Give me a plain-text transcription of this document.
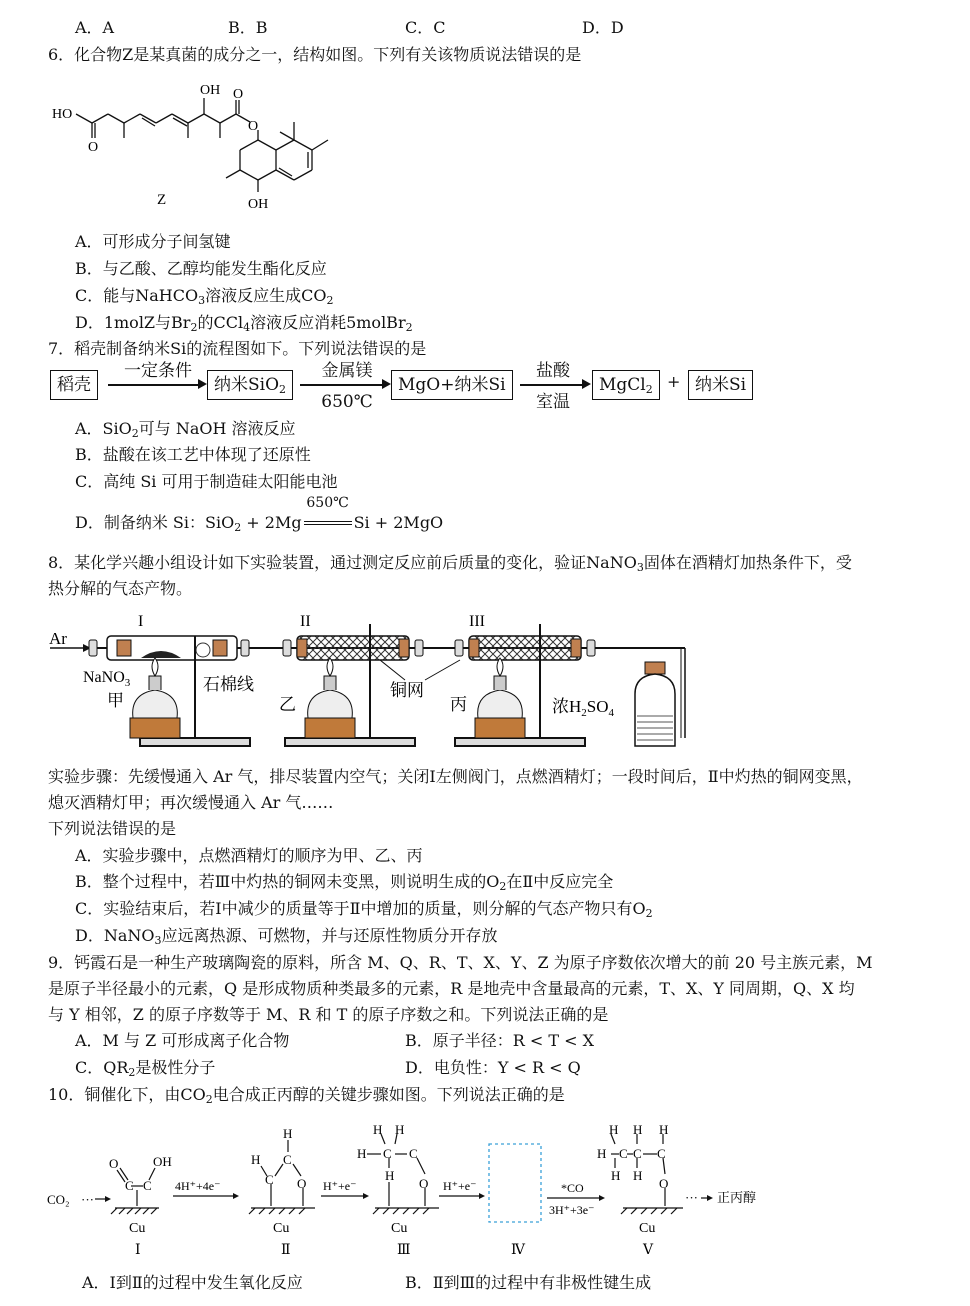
A．A	B．B	C．C	D．D
6．化合物Z是某真菌的成分之一，结构如图。下列有关该物质说法错误的是
HO
O
OH O
O
OH
Z
A．可形成分子间氢键
B．与乙酸、乙醇均能发生酯化反应
C．能与NaHCO$_3$溶液反应生成$CO_2$
D．1molZ与$Br_2$的CCl$_4$溶液反应消耗5molBr$_2$
7．稻壳制备纳米Si的流程图如下。下列说法错误的是
稻壳
一定条件
纳米SiO$_2$
金属镁
650℃
MgO+纳米Si
盐酸
室温
MgCl$_2$ + 纳米Si
A．SiO$_2$可与 NaOH 溶液反应
B．盐酸在该工艺中体现了还原性
C．高纯 Si 可用于制造硅太阳能电池
D．制备纳米 Si：SiO$_2$ + 2Mg
650℃
Si + 2MgO
8．某化学兴趣小组设计如下实验装置，通过测定反应前后质量的变化，验证NaNO$_3$固体在酒精灯加热条件下，受
热分解的气态产物。
Ar
I	II	III
NaNO$_3$	石棉线	铜网
甲	乙	丙	浓$H_2SO_4$
实验步骤：先缓慢通入 Ar 气，排尽装置内空气；关闭Ⅰ左侧阀门，点燃酒精灯；一段时间后，Ⅱ中灼热的铜网变黑，
熄灭酒精灯甲；再次缓慢通入 Ar 气……
下列说法错误的是
A．实验步骤中，点燃酒精灯的顺序为甲、乙、丙
B．整个过程中，若Ⅲ中灼热的铜网未变黑，则说明生成的$O_2$在Ⅱ中反应完全
C．实验结束后，若Ⅰ中减少的质量等于Ⅱ中增加的质量，则分解的气态产物只有$O_2$
D．NaNO$_3$应远离热源、可燃物，并与还原性物质分开存放
9．钙霞石是一种生产玻璃陶瓷的原料，所含 M、Q、R、T、X、Y、Z 为原子序数依次增大的前 20 号主族元素，M
是原子半径最小的元素，Q 是形成物质种类最多的元素，R 是地壳中含量最高的元素，T、X、Y 同周期，Q、X 均
与 Y 相邻，Z 的原子序数等于 M、R 和 T 的原子序数之和。下列说法正确的是
A．M 与 Z 可形成离子化合物	B．原子半径：R < T < X
C．$QR_2$是极性分子	D．电负性：Y < R < Q
10．铜催化下，由$CO_2$电合成正丙醇的关键步骤如图。下列说法正确的是
CO₂ ···
O	OH
C C 4H⁺+4e⁻
H
H C
C O H⁺+e⁻
H H
H C C
H
O H⁺+e⁻	*CO
3H⁺+3e⁻
H H H
H C C C
H H
O
··· 正丙醇
Cu	Cu	Cu	Cu
Ⅰ	Ⅱ	Ⅲ	Ⅳ	Ⅴ
A．Ⅰ到Ⅱ的过程中发生氧化反应	B．Ⅱ到Ⅲ的过程中有非极性键生成
